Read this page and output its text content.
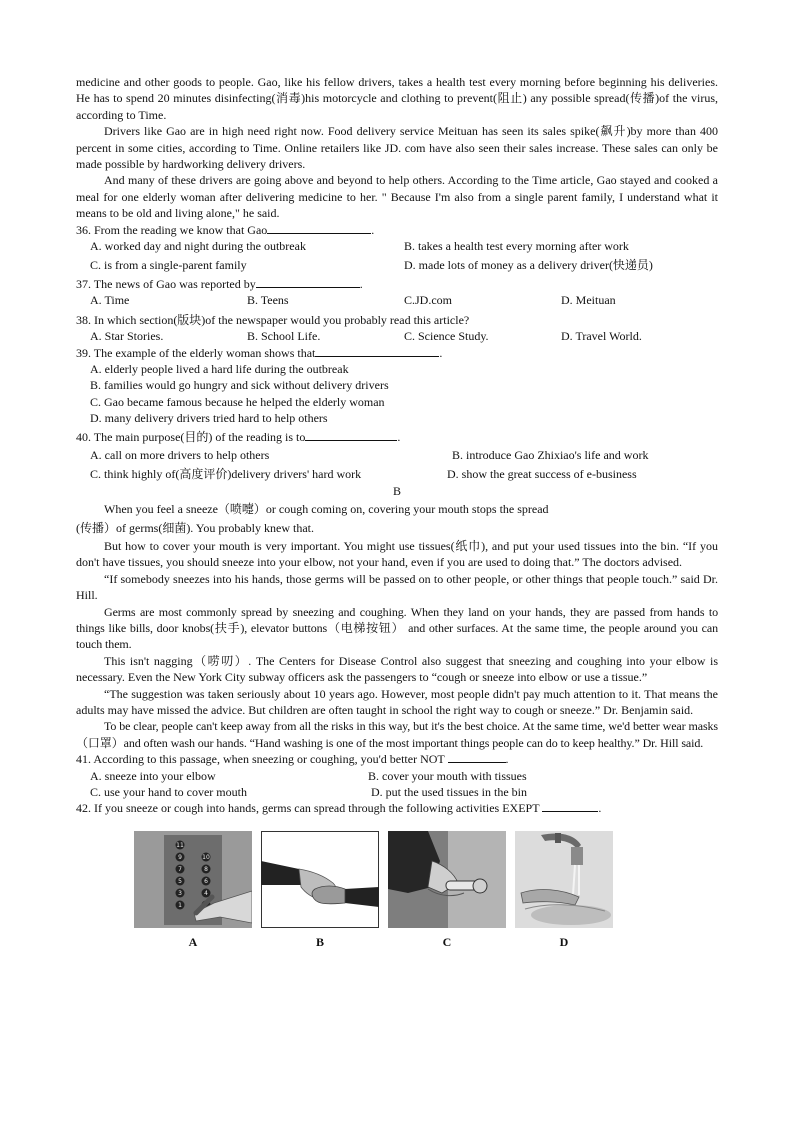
medicine and other goods to people. Gao, like his fellow drivers, takes a health test every morning before beginning his deliveries. He has to spend 20 minutes disinfecting(消毒)his motorcycle and clothing to prevent(阻止) any possible spread(传播)of the virus, according to Time.

Drivers like Gao are in high need right now. Food delivery service Meituan has seen its sales spike(飙升)by more than 400 percent in some cities, according to Time. Online retailers like JD. com have also seen their sales increase. These sales can only be made possible by hardworking delivery drivers.

And many of these drivers are going above and beyond to help others. According to the Time article, Gao stayed and cooked a meal for one elderly woman after delivering medicine to her. " Because I'm also from a single parent family, I understand what it means to be old and living alone," he said.

36. From the reading we know that Gao	.

A. worked day and night during the outbreak	B. takes a health test every morning after work
C. is from a single-parent family	D. made lots of money as a delivery driver(快递员)

37. The news of Gao was reported by	.

A. Time	B. Teens	C.JD.com	D. Meituan

38. In which section(版块)of the newspaper would you probably read this article?

A. Star Stories.	B. School Life.	C. Science Study.	D. Travel World.

39. The example of the elderly woman shows that	.

A. elderly people lived a hard life during the outbreak

B. families would go hungry and sick without delivery drivers

C. Gao became famous because he helped the elderly woman

D. many delivery drivers tried hard to help others

40. The main purpose(目的) of the reading is to	.

A. call on more drivers to help others	B. introduce Gao Zhixiao's life and work
C. think highly of(高度评价)delivery drivers' hard work	D. show the great success of e-business

B

When you feel a sneeze（喷嚏）or cough coming on, covering your mouth stops the spread

(传播）of germs(细菌). You probably knew that.

But how to cover your mouth is very important. You might use tissues(纸巾), and put your used tissues into the bin. “If you don't have tissues, you should sneeze into your elbow, not your hand, even if you are used to doing that.” The doctors advised.

“If somebody sneezes into his hands, those germs will be passed on to other people, or other things that people touch.” said Dr. Hill.

Germs are most commonly spread by sneezing and coughing. When they land on your hands, they are passed from hands to things like bills, door knobs(扶手), elevator buttons（电梯按钮） and other surfaces. At the same time, the people around you can touch them.

This isn't nagging（唠叨）. The Centers for Disease Control also suggest that sneezing and coughing into your elbow is necessary. Even the New York City subway officers ask the passengers to “cough or sneeze into elbow or use a tissue.”

“The suggestion was taken seriously about 10 years ago. However, most people didn't pay much attention to it. That means the adults may have missed the advice. But children are often taught in school the right way to cough or sneeze.” Dr. Benjamin said.

To be clear, people can't keep away from all the risks in this way, but it's the best choice. At the same time, we'd better wear masks（口罩）and often wash our hands. “Hand washing is one of the most important things people can do to keep healthy.” Dr. Hill said.

41. According to this passage, when sneezing or coughing, you'd better NOT	.

A. sneeze into your elbow	B. cover your mouth with tissues
C. use your hand to cover mouth	D. put the used tissues in the bin

42. If you sneeze or cough into hands, germs can spread through the following activities EXEPT	.

11
9	10
7	8
5	6
3	4
1
A	B	C	D
